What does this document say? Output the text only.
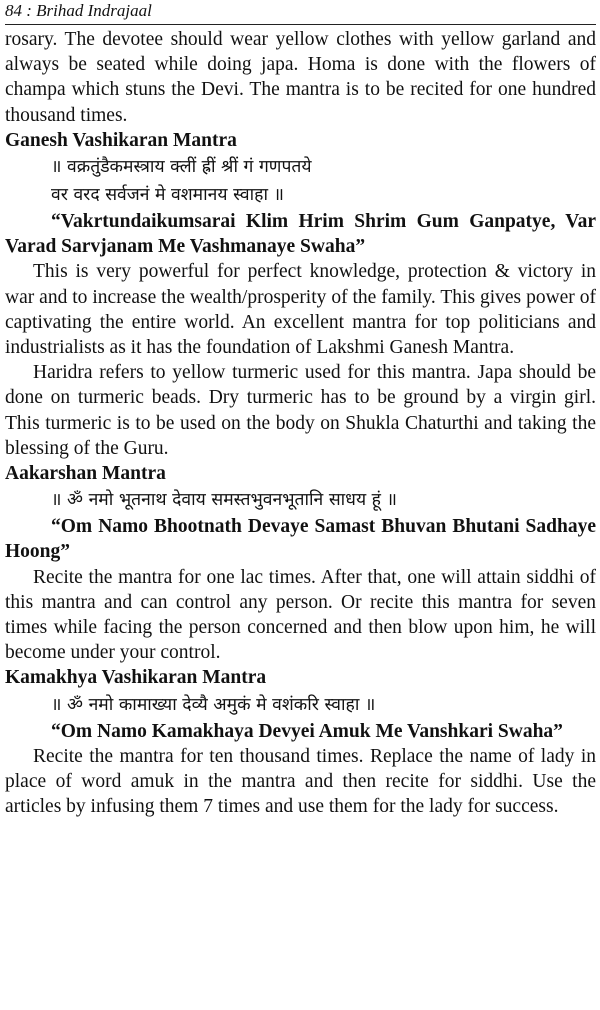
84 : Brihad Indrajaal

rosary. The devotee should wear yellow clothes with yellow garland and always be seated while doing japa. Homa is done with the flowers of champa which stuns the Devi. The mantra is to be recited for one hundred thousand times.

Ganesh Vashikaran Mantra
॥ वक्रतुंडैकमस्त्राय क्लीं ह्रीं श्रीं गं गणपतये
वर वरद सर्वजनं मे वशमानय स्वाहा ॥

“Vakrtundaikumsarai Klim Hrim Shrim Gum Ganpatye, Var Varad Sarvjanam Me Vashmanaye Swaha”

This is very powerful for perfect knowledge, protection & victory in war and to increase the wealth/prosperity of the family. This gives power of captivating the entire world. An excellent mantra for top politicians and industrialists as it has the foundation of Lakshmi Ganesh Mantra.

Haridra refers to yellow turmeric used for this mantra. Japa should be done on turmeric beads. Dry turmeric has to be ground by a virgin girl. This turmeric is to be used on the body on Shukla Chaturthi and taking the blessing of the Guru.

Aakarshan Mantra
॥ ॐ नमो भूतनाथ देवाय समस्तभुवनभूतानि साधय हूं ॥

“Om Namo Bhootnath Devaye Samast Bhuvan Bhutani Sadhaye Hoong”

Recite the mantra for one lac times. After that, one will attain siddhi of this mantra and can control any person. Or recite this mantra for seven times while facing the person concerned and then blow upon him, he will become under your control.

Kamakhya Vashikaran Mantra
॥ ॐ नमो कामाख्या देव्यै अमुकं मे वशंकरि स्वाहा ॥

“Om Namo Kamakhaya Devyei Amuk Me Vanshkari Swaha”

Recite the mantra for ten thousand times. Replace the name of lady in place of word amuk in the mantra and then recite for siddhi. Use the articles by infusing them 7 times and use them for the lady for success.
